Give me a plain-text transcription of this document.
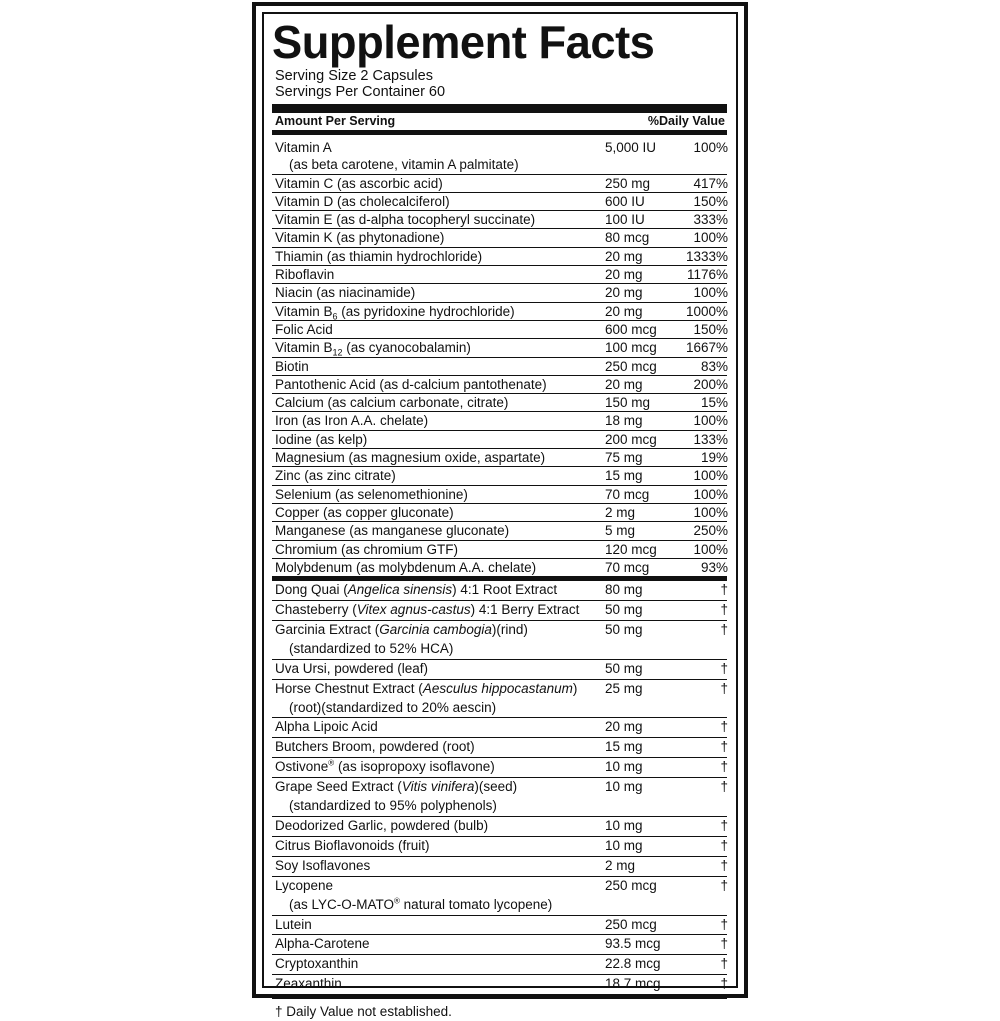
Supplement Facts
Serving Size 2 Capsules
Servings Per Container 60
Amount Per Serving	%Daily Value
Vitamin A	5,000 IU	100%
(as beta carotene, vitamin A palmitate)
Vitamin C (as ascorbic acid)	250 mg	417%
Vitamin D (as cholecalciferol)	600 IU	150%
Vitamin E (as d-alpha tocopheryl succinate)	100 IU	333%
Vitamin K (as phytonadione)	80 mcg	100%
Thiamin (as thiamin hydrochloride)	20 mg	1333%
Riboflavin	20 mg	1176%
Niacin (as niacinamide)	20 mg	100%
Vitamin $B_6$ (as pyridoxine hydrochloride)	20 mg	1000%
Folic Acid	600 mcg	150%
Vitamin $B_{12}$ (as cyanocobalamin)	100 mcg	1667%
Biotin	250 mcg	83%
Pantothenic Acid (as d-calcium pantothenate)	20 mg	200%
Calcium (as calcium carbonate, citrate)	150 mg	15%
Iron (as Iron A.A. chelate)	18 mg	100%
Iodine (as kelp)	200 mcg	133%
Magnesium (as magnesium oxide, aspartate)	75 mg	19%
Zinc (as zinc citrate)	15 mg	100%
Selenium (as selenomethionine)	70 mcg	100%
Copper (as copper gluconate)	2 mg	100%
Manganese (as manganese gluconate)	5 mg	250%
Chromium (as chromium GTF)	120 mcg	100%
Molybdenum (as molybdenum A.A. chelate)	70 mcg	93%
Dong Quai (Angelica sinensis) 4:1 Root Extract	80 mg	†
Chasteberry (Vitex agnus-castus) 4:1 Berry Extract	50 mg	†
Garcinia Extract (Garcinia cambogia)(rind)	50 mg	†
(standardized to 52% HCA)
Uva Ursi, powdered (leaf)	50 mg	†
Horse Chestnut Extract (Aesculus hippocastanum)	25 mg	†
(root)(standardized to 20% aescin)
Alpha Lipoic Acid	20 mg	†
Butchers Broom, powdered (root)	15 mg	†
Ostivone® (as isopropoxy isoflavone)	10 mg	†
Grape Seed Extract (Vitis vinifera)(seed)	10 mg	†
(standardized to 95% polyphenols)
Deodorized Garlic, powdered (bulb)	10 mg	†
Citrus Bioflavonoids (fruit)	10 mg	†
Soy Isoflavones	2 mg	†
Lycopene	250 mcg	†
(as LYC-O-MATO® natural tomato lycopene)
Lutein	250 mcg	†
Alpha-Carotene	93.5 mcg	†
Cryptoxanthin	22.8 mcg	†
Zeaxanthin	18.7 mcg	†
† Daily Value not established.
